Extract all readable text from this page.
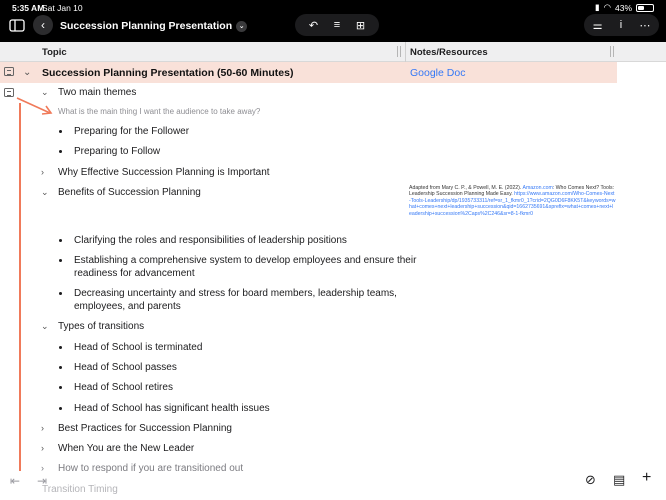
5:35 AM
Sat Jan 10	▮ ◠ 43%
‹ Succession Planning Presentation ⌄	↶ ≡ ⊞	⚌ i ⋯
Topic	Notes/Resources
⌄ Succession Planning Presentation (50-60 Minutes)	Google Doc
⌄ Two main themes
What is the main thing I want the audience to take away?
Preparing for the Follower
Preparing to Follow
› Why Effective Succession Planning is Important
⌄ Benefits of Succession Planning	Adapted from Mary C. P., & Powell, M. E. (2022). Amazon.com: Who Comes Next? Tools: Leadership Succession Planning Made Easy. https://www.amazon.com/Who-Comes-Next-Tools-Leadership/dp/1935733311/ref=sr_1_fkmr0_1?crid=2QG0D6F8KK5T&keywords=what+comes+next+leadership+succession&qid=1662735691&sprefix=what+comes+next+leadership+succession%2Caps%2C246&sr=8-1-fkmr0
Clarifying the roles and responsibilities of leadership positions
Establishing a comprehensive system to develop employees and ensure their
readiness for advancement
Decreasing uncertainty and stress for board members, leadership teams,
employees, and parents
⌄ Types of transitions
Head of School is terminated
Head of School passes
Head of School retires
Head of School has significant health issues
› Best Practices for Succession Planning
› When You are the New Leader
› How to respond if you are transitioned out
Transition Timing
⇤ ⇥	⊘ ▤ +
